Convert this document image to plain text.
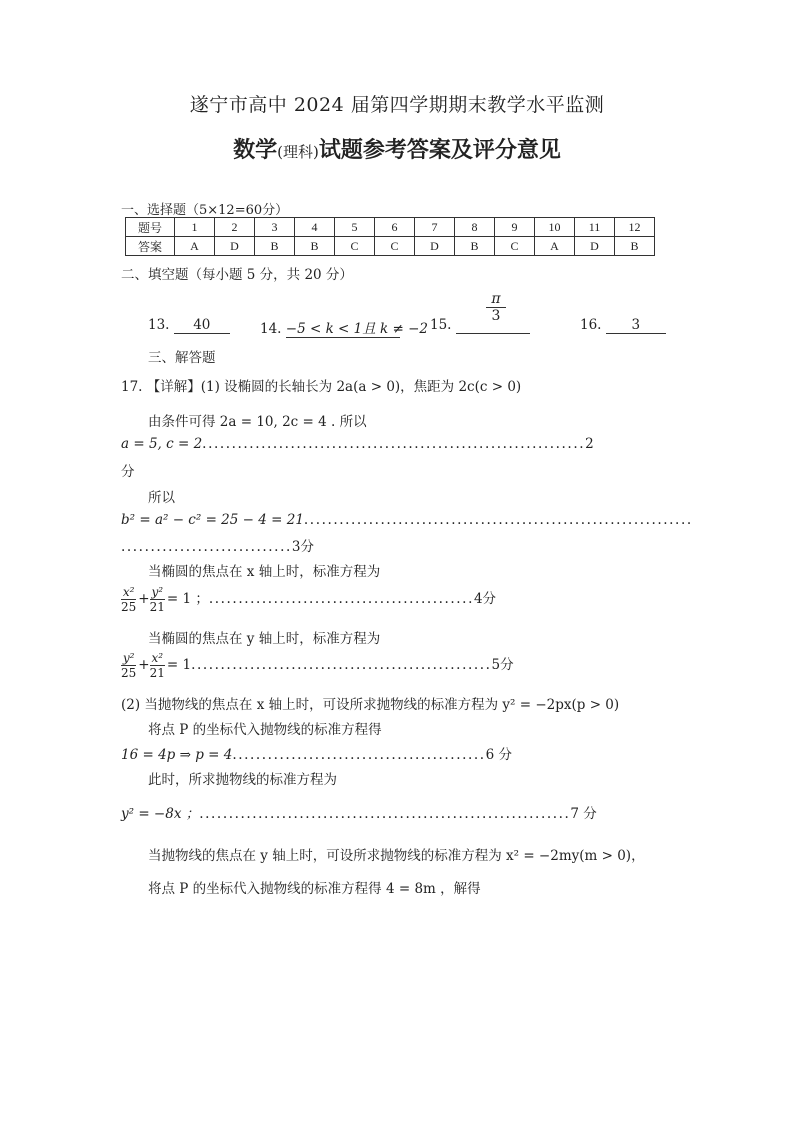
遂宁市高中 2024 届第四学期期末教学水平监测
数学(理科)试题参考答案及评分意见
一、选择题（5×12=60分）
题号	1	2	3	4	5	6	7	8	9	10	11	12
答案	A	D	B	B	C	C	D	B	C	A	D	B
二、填空题（每小题 5 分，共 20 分）
13. 40	14. −5 < k < 1且 k ≠ −2 15.
$\frac{\pi}{3}$
16. 3
三、解答题
17. 【详解】(1) 设椭圆的长轴长为 2a(a > 0)，焦距为 2c(c > 0)
由条件可得 2a = 10, 2c = 4 . 所以
a = 5, c = 2.................................................................2
分
所以
b² = a² − c² = 25 − 4 = 21..................................................................
.............................3分
当椭圆的焦点在 x 轴上时，标准方程为
$\frac{\text{x²}}{25} + \frac{\text{y²}}{21} = 1$ ；.............................................4分
当椭圆的焦点在 y 轴上时，标准方程为
$\frac{\text{y²}}{25} + \frac{\text{x²}}{21} = 1...................................................5$分
(2) 当抛物线的焦点在 x 轴上时，可设所求抛物线的标准方程为 y² = −2px(p > 0)
将点 P 的坐标代入抛物线的标准方程得
16 = 4p ⇒ p = 4...........................................6 分
此时，所求抛物线的标准方程为
y² = −8x ；...............................................................7 分
当抛物线的焦点在 y 轴上时，可设所求抛物线的标准方程为 x² = −2my(m > 0)，
将点 P 的坐标代入抛物线的标准方程得 4 = 8m ，解得
